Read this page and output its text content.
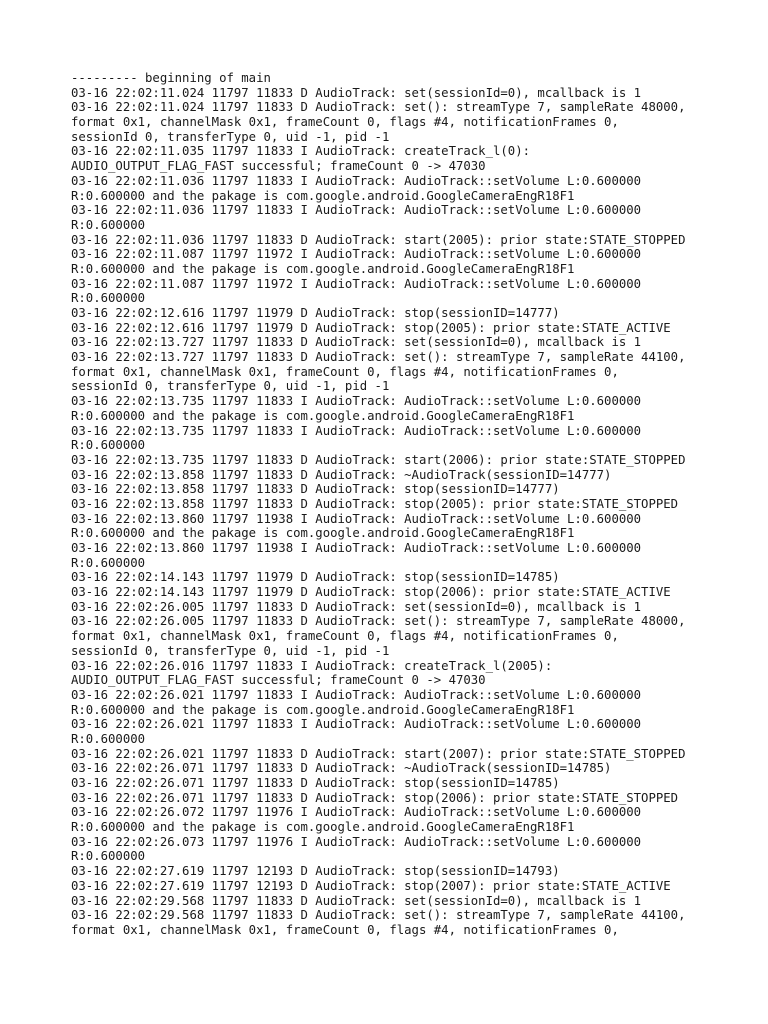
--------- beginning of main
03-16 22:02:11.024 11797 11833 D AudioTrack: set(sessionId=0), mcallback is 1
03-16 22:02:11.024 11797 11833 D AudioTrack: set(): streamType 7, sampleRate 48000,
format 0x1, channelMask 0x1, frameCount 0, flags #4, notificationFrames 0,
sessionId 0, transferType 0, uid -1, pid -1
03-16 22:02:11.035 11797 11833 I AudioTrack: createTrack_l(0):
AUDIO_OUTPUT_FLAG_FAST successful; frameCount 0 -> 47030
03-16 22:02:11.036 11797 11833 I AudioTrack: AudioTrack::setVolume L:0.600000
R:0.600000 and the pakage is com.google.android.GoogleCameraEngR18F1
03-16 22:02:11.036 11797 11833 I AudioTrack: AudioTrack::setVolume L:0.600000
R:0.600000
03-16 22:02:11.036 11797 11833 D AudioTrack: start(2005): prior state:STATE_STOPPED
03-16 22:02:11.087 11797 11972 I AudioTrack: AudioTrack::setVolume L:0.600000
R:0.600000 and the pakage is com.google.android.GoogleCameraEngR18F1
03-16 22:02:11.087 11797 11972 I AudioTrack: AudioTrack::setVolume L:0.600000
R:0.600000
03-16 22:02:12.616 11797 11979 D AudioTrack: stop(sessionID=14777)
03-16 22:02:12.616 11797 11979 D AudioTrack: stop(2005): prior state:STATE_ACTIVE
03-16 22:02:13.727 11797 11833 D AudioTrack: set(sessionId=0), mcallback is 1
03-16 22:02:13.727 11797 11833 D AudioTrack: set(): streamType 7, sampleRate 44100,
format 0x1, channelMask 0x1, frameCount 0, flags #4, notificationFrames 0,
sessionId 0, transferType 0, uid -1, pid -1
03-16 22:02:13.735 11797 11833 I AudioTrack: AudioTrack::setVolume L:0.600000
R:0.600000 and the pakage is com.google.android.GoogleCameraEngR18F1
03-16 22:02:13.735 11797 11833 I AudioTrack: AudioTrack::setVolume L:0.600000
R:0.600000
03-16 22:02:13.735 11797 11833 D AudioTrack: start(2006): prior state:STATE_STOPPED
03-16 22:02:13.858 11797 11833 D AudioTrack: ~AudioTrack(sessionID=14777)
03-16 22:02:13.858 11797 11833 D AudioTrack: stop(sessionID=14777)
03-16 22:02:13.858 11797 11833 D AudioTrack: stop(2005): prior state:STATE_STOPPED
03-16 22:02:13.860 11797 11938 I AudioTrack: AudioTrack::setVolume L:0.600000
R:0.600000 and the pakage is com.google.android.GoogleCameraEngR18F1
03-16 22:02:13.860 11797 11938 I AudioTrack: AudioTrack::setVolume L:0.600000
R:0.600000
03-16 22:02:14.143 11797 11979 D AudioTrack: stop(sessionID=14785)
03-16 22:02:14.143 11797 11979 D AudioTrack: stop(2006): prior state:STATE_ACTIVE
03-16 22:02:26.005 11797 11833 D AudioTrack: set(sessionId=0), mcallback is 1
03-16 22:02:26.005 11797 11833 D AudioTrack: set(): streamType 7, sampleRate 48000,
format 0x1, channelMask 0x1, frameCount 0, flags #4, notificationFrames 0,
sessionId 0, transferType 0, uid -1, pid -1
03-16 22:02:26.016 11797 11833 I AudioTrack: createTrack_l(2005):
AUDIO_OUTPUT_FLAG_FAST successful; frameCount 0 -> 47030
03-16 22:02:26.021 11797 11833 I AudioTrack: AudioTrack::setVolume L:0.600000
R:0.600000 and the pakage is com.google.android.GoogleCameraEngR18F1
03-16 22:02:26.021 11797 11833 I AudioTrack: AudioTrack::setVolume L:0.600000
R:0.600000
03-16 22:02:26.021 11797 11833 D AudioTrack: start(2007): prior state:STATE_STOPPED
03-16 22:02:26.071 11797 11833 D AudioTrack: ~AudioTrack(sessionID=14785)
03-16 22:02:26.071 11797 11833 D AudioTrack: stop(sessionID=14785)
03-16 22:02:26.071 11797 11833 D AudioTrack: stop(2006): prior state:STATE_STOPPED
03-16 22:02:26.072 11797 11976 I AudioTrack: AudioTrack::setVolume L:0.600000
R:0.600000 and the pakage is com.google.android.GoogleCameraEngR18F1
03-16 22:02:26.073 11797 11976 I AudioTrack: AudioTrack::setVolume L:0.600000
R:0.600000
03-16 22:02:27.619 11797 12193 D AudioTrack: stop(sessionID=14793)
03-16 22:02:27.619 11797 12193 D AudioTrack: stop(2007): prior state:STATE_ACTIVE
03-16 22:02:29.568 11797 11833 D AudioTrack: set(sessionId=0), mcallback is 1
03-16 22:02:29.568 11797 11833 D AudioTrack: set(): streamType 7, sampleRate 44100,
format 0x1, channelMask 0x1, frameCount 0, flags #4, notificationFrames 0,
